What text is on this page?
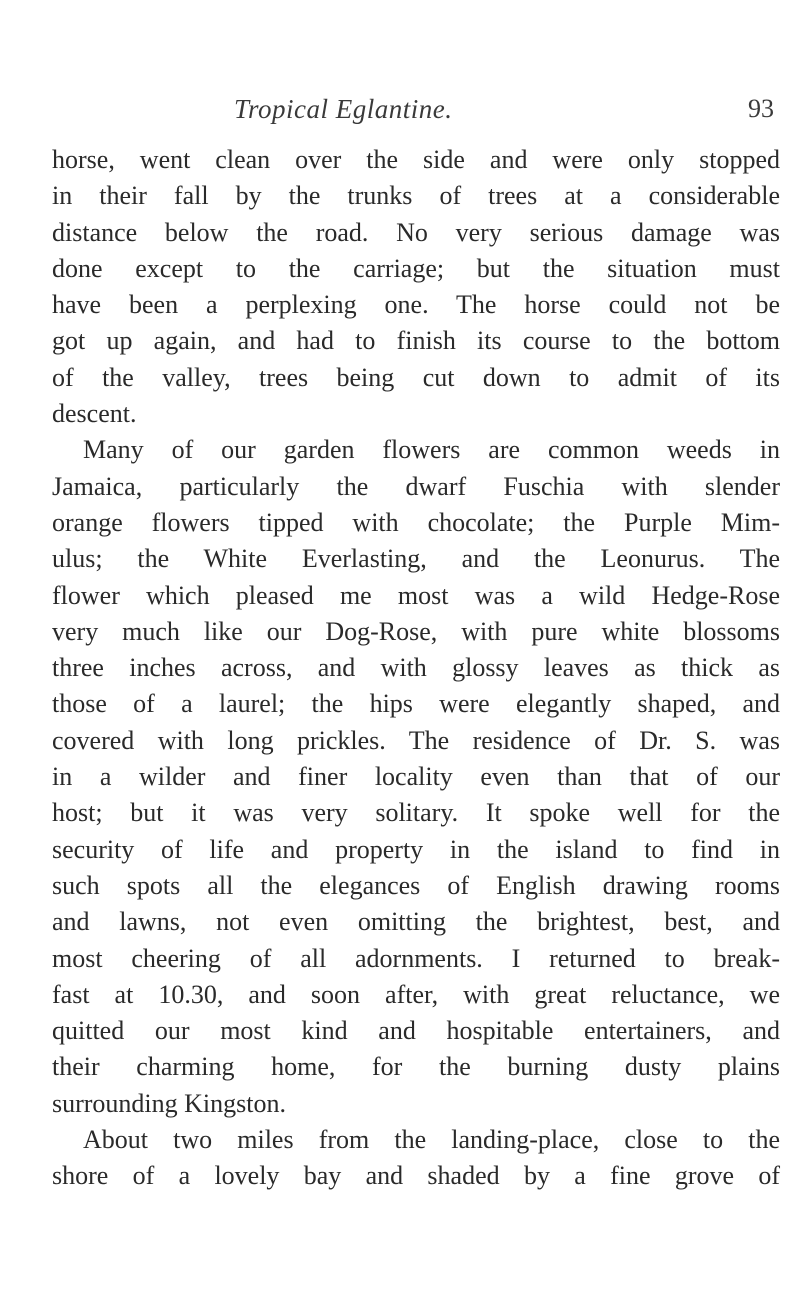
Tropical Eglantine.	93
horse, went clean over the side and were only stopped
in their fall by the trunks of trees at a considerable
distance below the road. No very serious damage was
done except to the carriage; but the situation must
have been a perplexing one. The horse could not be
got up again, and had to finish its course to the bottom
of the valley, trees being cut down to admit of its
descent.
Many of our garden flowers are common weeds in
Jamaica, particularly the dwarf Fuschia with slender
orange flowers tipped with chocolate; the Purple Mim-
ulus; the White Everlasting, and the Leonurus. The
flower which pleased me most was a wild Hedge-Rose
very much like our Dog-Rose, with pure white blossoms
three inches across, and with glossy leaves as thick as
those of a laurel; the hips were elegantly shaped, and
covered with long prickles. The residence of Dr. S. was
in a wilder and finer locality even than that of our
host; but it was very solitary. It spoke well for the
security of life and property in the island to find in
such spots all the elegances of English drawing rooms
and lawns, not even omitting the brightest, best, and
most cheering of all adornments. I returned to break-
fast at 10.30, and soon after, with great reluctance, we
quitted our most kind and hospitable entertainers, and
their charming home, for the burning dusty plains
surrounding Kingston.
About two miles from the landing-place, close to the
shore of a lovely bay and shaded by a fine grove of
